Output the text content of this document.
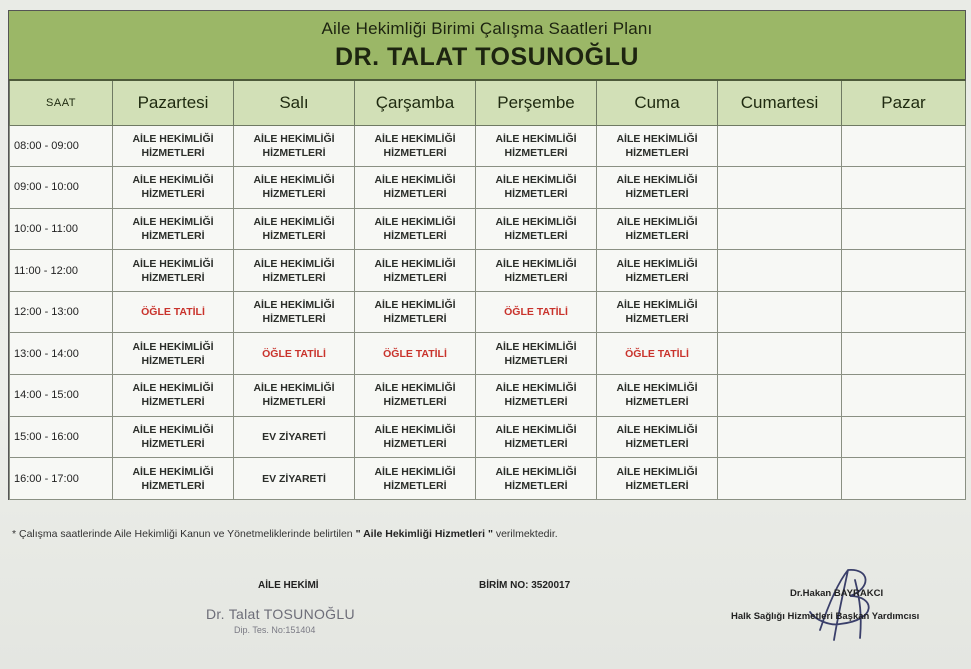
Aile Hekimliği Birimi Çalışma Saatleri Planı
DR. TALAT TOSUNOĞLU
SAAT	Pazartesi	Salı	Çarşamba	Perşembe	Cuma	Cumartesi	Pazar
08:00 - 09:00	AİLE HEKİMLİĞİ
HİZMETLERİ	AİLE HEKİMLİĞİ
HİZMETLERİ	AİLE HEKİMLİĞİ
HİZMETLERİ	AİLE HEKİMLİĞİ
HİZMETLERİ	AİLE HEKİMLİĞİ
HİZMETLERİ		
09:00 - 10:00	AİLE HEKİMLİĞİ
HİZMETLERİ	AİLE HEKİMLİĞİ
HİZMETLERİ	AİLE HEKİMLİĞİ
HİZMETLERİ	AİLE HEKİMLİĞİ
HİZMETLERİ	AİLE HEKİMLİĞİ
HİZMETLERİ		
10:00 - 11:00	AİLE HEKİMLİĞİ
HİZMETLERİ	AİLE HEKİMLİĞİ
HİZMETLERİ	AİLE HEKİMLİĞİ
HİZMETLERİ	AİLE HEKİMLİĞİ
HİZMETLERİ	AİLE HEKİMLİĞİ
HİZMETLERİ		
11:00 - 12:00	AİLE HEKİMLİĞİ
HİZMETLERİ	AİLE HEKİMLİĞİ
HİZMETLERİ	AİLE HEKİMLİĞİ
HİZMETLERİ	AİLE HEKİMLİĞİ
HİZMETLERİ	AİLE HEKİMLİĞİ
HİZMETLERİ		
12:00 - 13:00	ÖĞLE TATİLİ	AİLE HEKİMLİĞİ
HİZMETLERİ	AİLE HEKİMLİĞİ
HİZMETLERİ	ÖĞLE TATİLİ	AİLE HEKİMLİĞİ
HİZMETLERİ		
13:00 - 14:00	AİLE HEKİMLİĞİ
HİZMETLERİ	ÖĞLE TATİLİ	ÖĞLE TATİLİ	AİLE HEKİMLİĞİ
HİZMETLERİ	ÖĞLE TATİLİ		
14:00 - 15:00	AİLE HEKİMLİĞİ
HİZMETLERİ	AİLE HEKİMLİĞİ
HİZMETLERİ	AİLE HEKİMLİĞİ
HİZMETLERİ	AİLE HEKİMLİĞİ
HİZMETLERİ	AİLE HEKİMLİĞİ
HİZMETLERİ		
15:00 - 16:00	AİLE HEKİMLİĞİ
HİZMETLERİ	EV ZİYARETİ	AİLE HEKİMLİĞİ
HİZMETLERİ	AİLE HEKİMLİĞİ
HİZMETLERİ	AİLE HEKİMLİĞİ
HİZMETLERİ		
16:00 - 17:00	AİLE HEKİMLİĞİ
HİZMETLERİ	EV ZİYARETİ	AİLE HEKİMLİĞİ
HİZMETLERİ	AİLE HEKİMLİĞİ
HİZMETLERİ	AİLE HEKİMLİĞİ
HİZMETLERİ		
* Çalışma saatlerinde Aile Hekimliği Kanun ve Yönetmeliklerinde belirtilen " Aile Hekimliği Hizmetleri " verilmektedir.
AİLE HEKİMİ	BİRİM NO: 3520017
Dr. Talat TOSUNOĞLU
Dip. Tes. No:151404
Dr.Hakan BAYRAKCI
Halk Sağlığı Hizmetleri Başkan Yardımcısı
